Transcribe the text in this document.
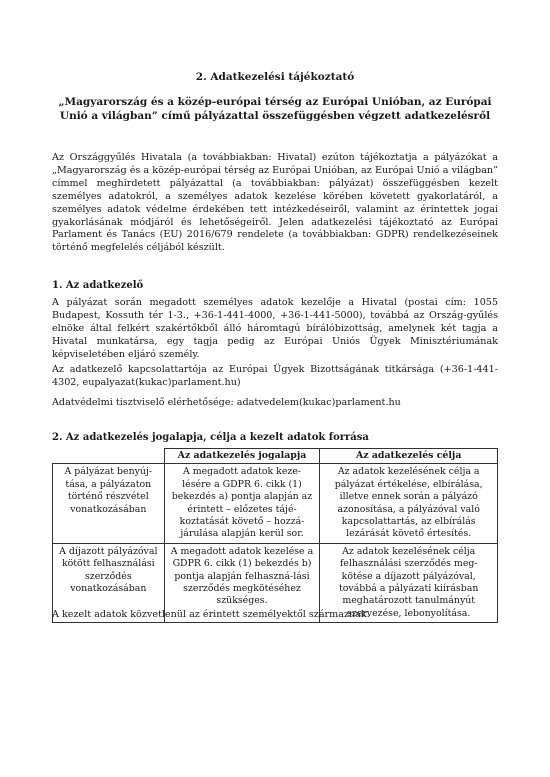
2. Adatkezelési tájékoztató
„Magyarország és a közép-európai térség az Európai Unióban, az Európai Unió a világban” című pályázattal összefüggésben végzett adatkezelésről

Az Országgyűlés Hivatala (a továbbiakban: Hivatal) ezúton tájékoztatja a pályázókat a „Magyarország és a közép-európai térség az Európai Unióban, az Európai Unió a világban” címmel meghirdetett pályázattal (a továbbiakban: pályázat) összefüggésben kezelt személyes adatokról, a személyes adatok kezelése körében követett gyakorlatáról, a személyes adatok védelme érdekében tett intézkedéseiről, valamint az érintettek jogai gyakorlásának módjáról és lehetőségeiről. Jelen adatkezelési tájékoztató az Európai Parlament és Tanács (EU) 2016/679 rendelete (a továbbiakban: GDPR) rendelkezéseinek történő megfelelés céljából készült.

1. Az adatkezelő

A pályázat során megadott személyes adatok kezelője a Hivatal (postai cím: 1055 Budapest, Kossuth tér 1-3., +36-1-441-4000, +36-1-441-5000), továbbá az Ország-gyűlés elnöke által felkért szakértőkből álló háromtagú bírálóbizottság, amelynek két tagja a Hivatal munkatársa, egy tagja pedig az Európai Uniós Ügyek Minisztériumának képviseletében eljáró személy.

Az adatkezelő kapcsolattartója az Európai Ügyek Bizottságának titkársága (+36-1-441-4302, eupalyazat(kukac)parlament.hu)

Adatvédelmi tisztviselő elérhetősége: adatvedelem(kukac)parlament.hu

2. Az adatkezelés jogalapja, célja a kezelt adatok forrása

	Az adatkezelés jogalapja	Az adatkezelés célja
A pályázat benyúj-tása, a pályázaton történő részvétel vonatkozásában	A megadott adatok keze-lésére a GDPR 6. cikk (1) bekezdés a) pontja alapján az érintett – előzetes tájé-koztatását követő – hozzá-járulása alapján kerül sor.	Az adatok kezelésének célja a pályázat értékelése, elbírálása, illetve ennek során a pályázó azonosítása, a pályázóval való kapcsolattartás, az elbírálás lezárását követő értesítés.
A díjazott pályázóval kötött felhasználási szerződés vonatkozásában	A megadott adatok kezelése a GDPR 6. cikk (1) bekezdés b) pontja alapján felhaszná-lási szerződés megkötéséhez szükséges.	Az adatok kezelésének célja felhasználási szerződés meg-kötése a díjazott pályázóval, továbbá a pályázati kiírásban meghatározott tanulmányút szervezése, lebonyolítása.

A kezelt adatok közvetlenül az érintett személyektől származnak.
